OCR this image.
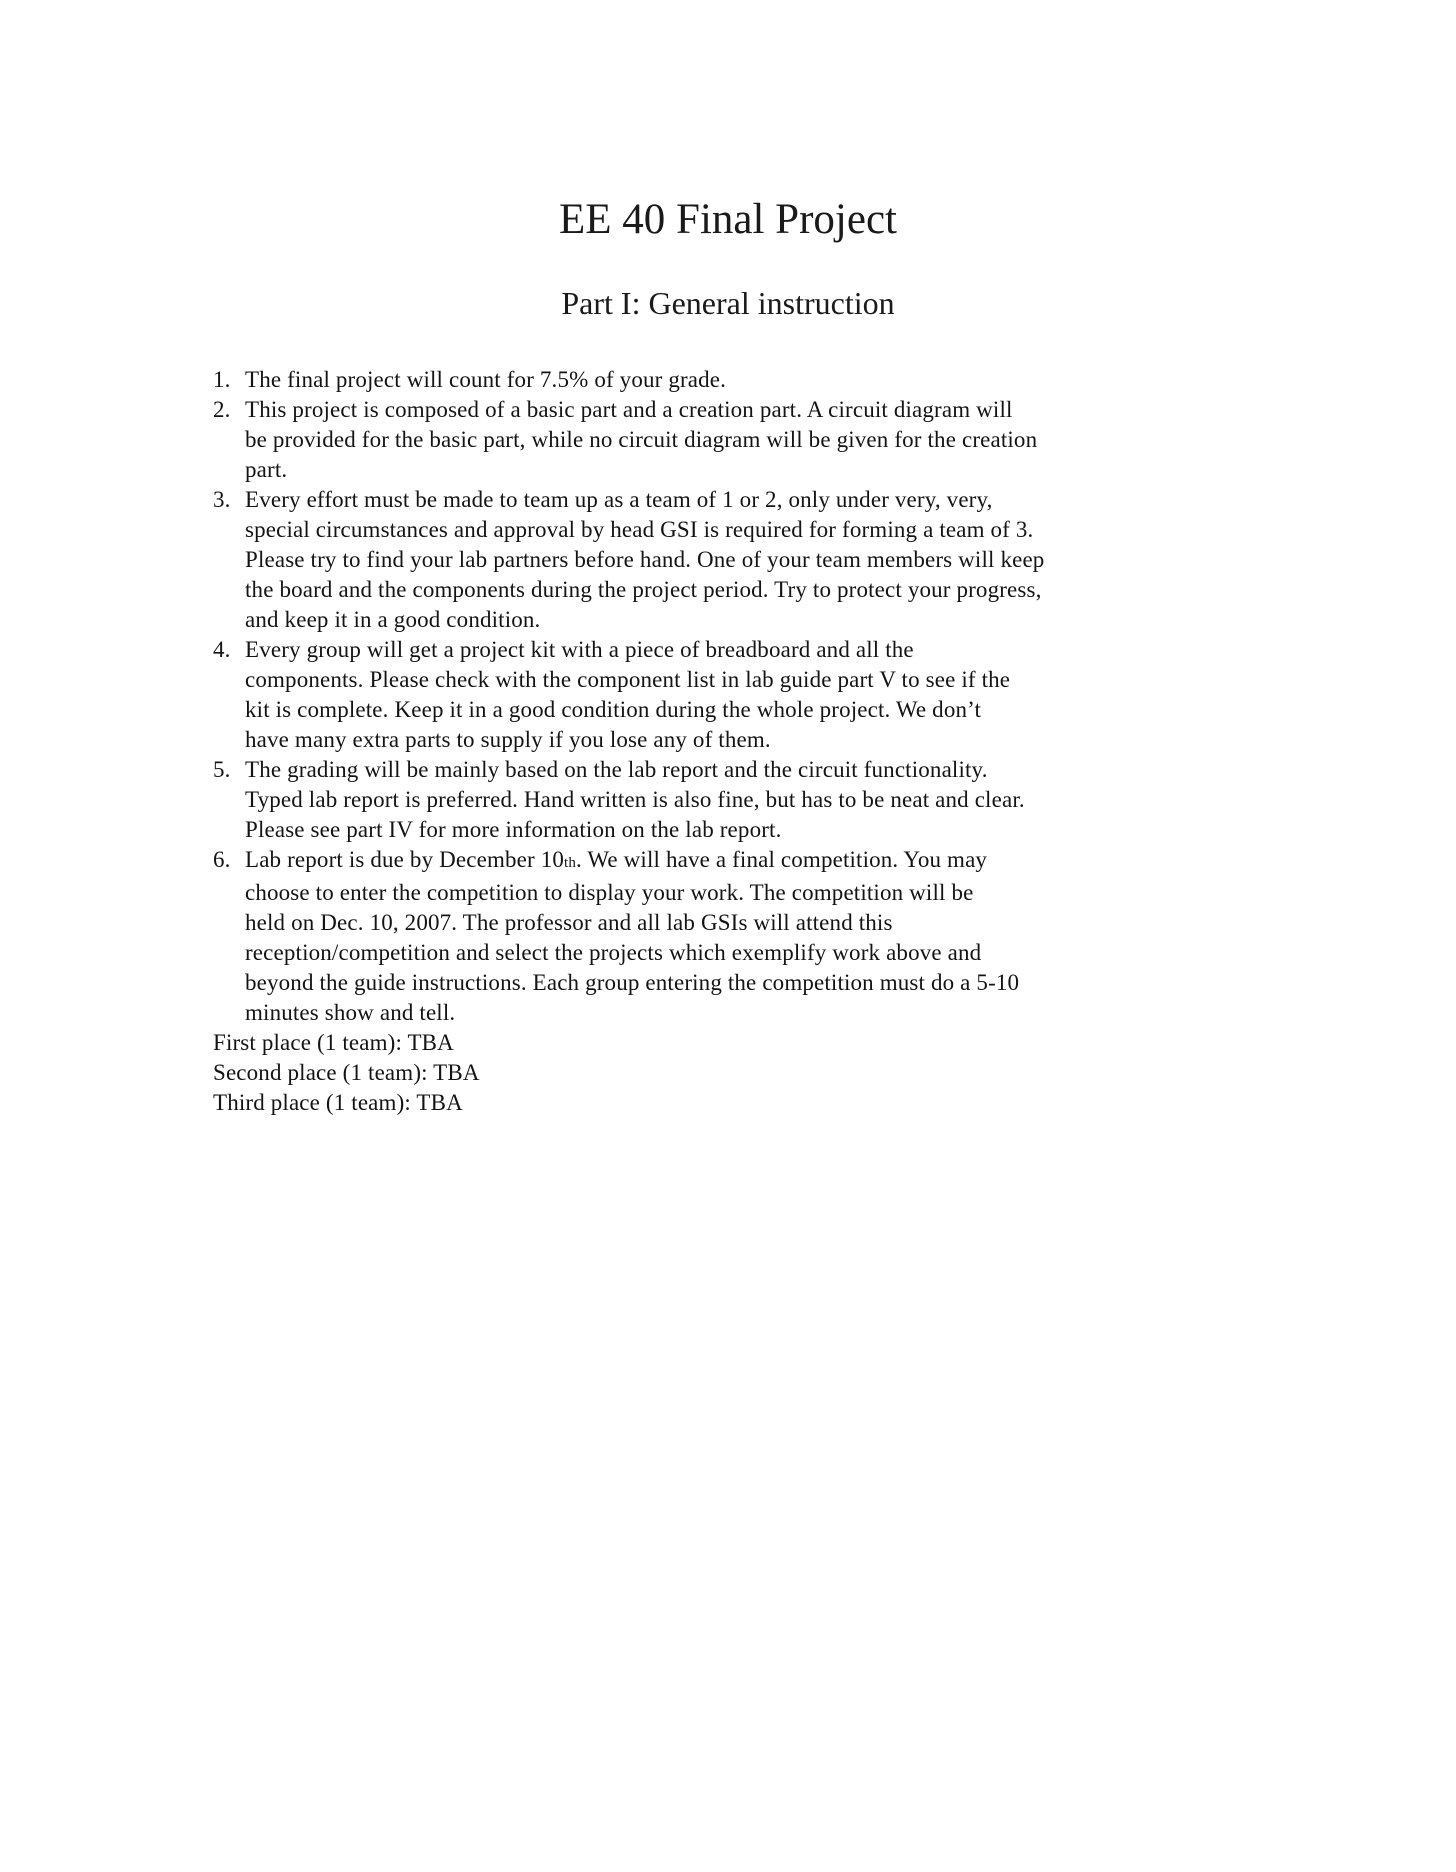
EE 40 Final Project
Part I: General instruction
1. The final project will count for 7.5% of your grade.
2. This project is composed of a basic part and a creation part. A circuit diagram will
be provided for the basic part, while no circuit diagram will be given for the creation
part.
3. Every effort must be made to team up as a team of 1 or 2, only under very, very,
special circumstances and approval by head GSI is required for forming a team of 3.
Please try to find your lab partners before hand. One of your team members will keep
the board and the components during the project period. Try to protect your progress,
and keep it in a good condition.
4. Every group will get a project kit with a piece of breadboard and all the
components. Please check with the component list in lab guide part V to see if the
kit is complete. Keep it in a good condition during the whole project. We don’t
have many extra parts to supply if you lose any of them.
5. The grading will be mainly based on the lab report and the circuit functionality.
Typed lab report is preferred. Hand written is also fine, but has to be neat and clear.
Please see part IV for more information on the lab report.
6. Lab report is due by December 10th. We will have a final competition. You may
choose to enter the competition to display your work. The competition will be
held on Dec. 10, 2007. The professor and all lab GSIs will attend this
reception/competition and select the projects which exemplify work above and
beyond the guide instructions. Each group entering the competition must do a 5-10
minutes show and tell.
First place (1 team): TBA
Second place (1 team): TBA
Third place (1 team): TBA
